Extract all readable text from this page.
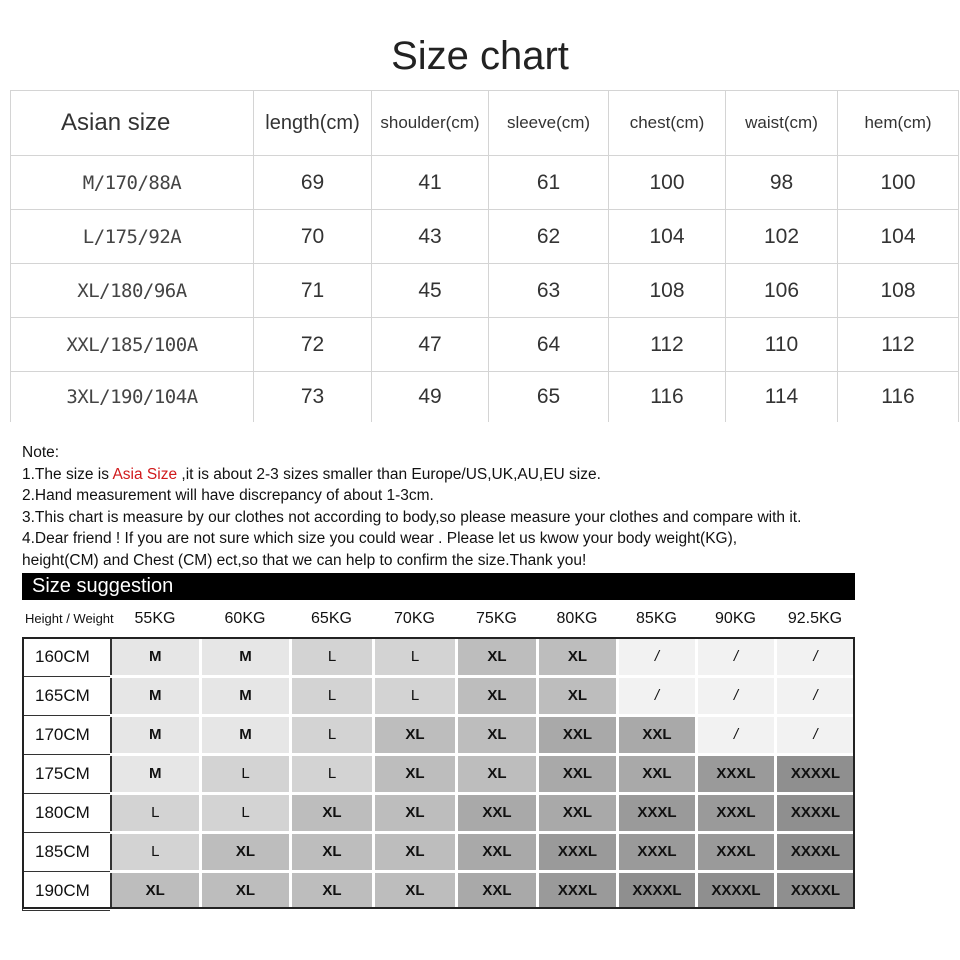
Size chart
Asian size	length(cm)	shoulder(cm)	sleeve(cm)	chest(cm)	waist(cm)	hem(cm)
M/170/88A	69	41	61	100	98	100
L/175/92A	70	43	62	104	102	104
XL/180/96A	71	45	63	108	106	108
XXL/185/100A	72	47	64	112	110	112
3XL/190/104A	73	49	65	116	114	116
Note:
1.The size is Asia Size ,it is about 2-3 sizes smaller than Europe/US,UK,AU,EU size.
2.Hand measurement will have discrepancy of about 1-3cm.
3.This chart is measure by our clothes not according to body,so please measure your clothes and compare with it.
4.Dear friend ! If you are not sure which size you could wear . Please let us kwow your body weight(KG),
height(CM) and Chest (CM) ect,so that we can help to confirm the size.Thank you!
Size suggestion
Height / Weight	55KG	60KG	65KG	70KG	75KG	80KG	85KG	90KG	92.5KG
160CM	M	M	L	L	XL	XL	/	/	/
165CM	M	M	L	L	XL	XL	/	/	/
170CM	M	M	L	XL	XL	XXL	XXL	/	/
175CM	M	L	L	XL	XL	XXL	XXL	XXXL	XXXXL
180CM	L	L	XL	XL	XXL	XXL	XXXL	XXXL	XXXXL
185CM	L	XL	XL	XL	XXL	XXXL	XXXL	XXXL	XXXXL
190CM	XL	XL	XL	XL	XXL	XXXL	XXXXL	XXXXL	XXXXL
